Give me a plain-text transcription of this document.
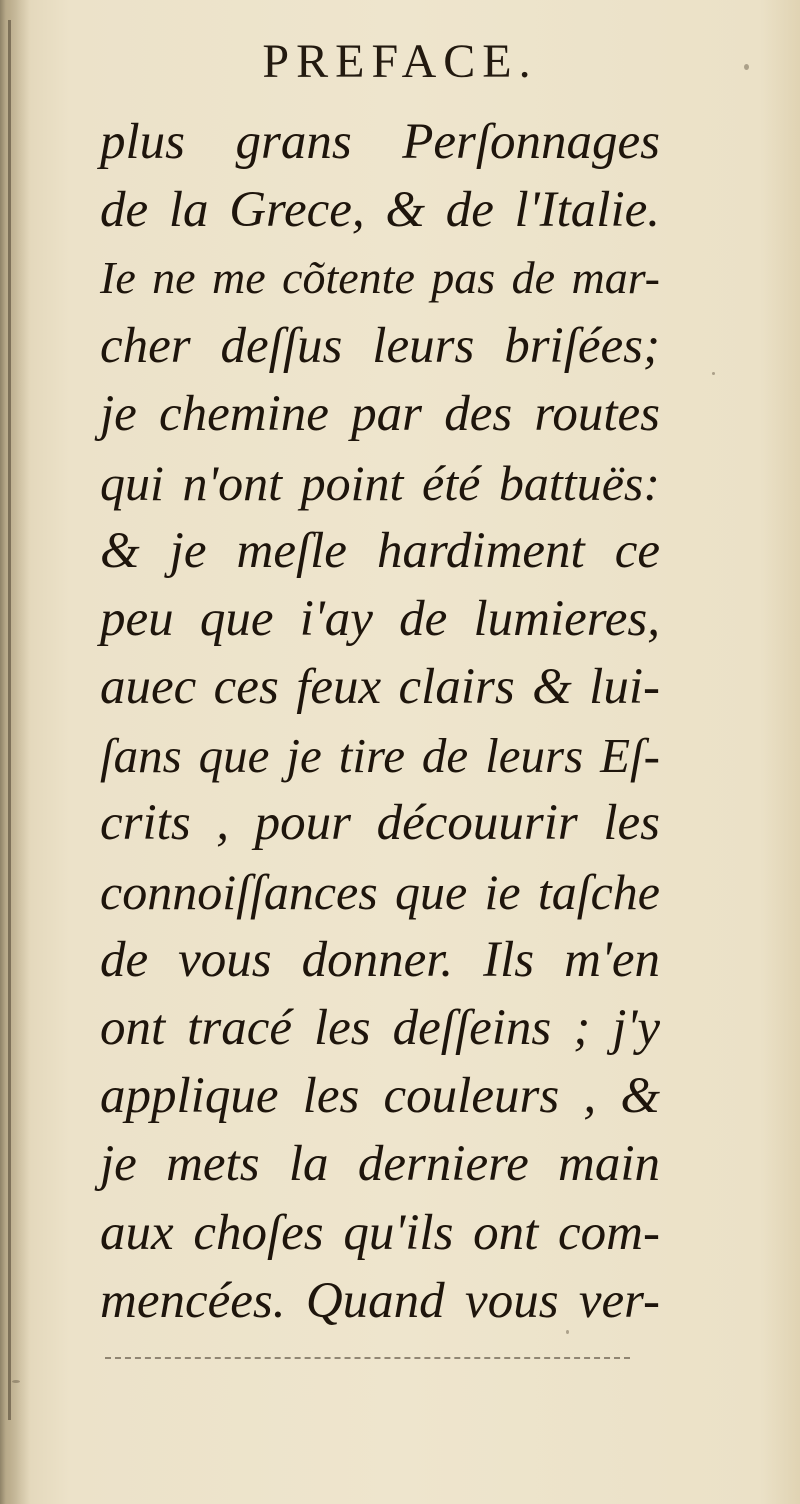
PREFACE.
plus grans Perſonnages
de la Grece, & de l'Italie.
Ie ne me cõtente pas de mar-
cher deſſus leurs briſées;
je chemine par des routes
qui n'ont point été battuës:
& je meſle hardiment ce
peu que i'ay de lumieres,
auec ces feux clairs & lui-
ſans que je tire de leurs Eſ-
crits , pour découurir les
connoiſſances que ie taſche
de vous donner. Ils m'en
ont tracé les deſſeins ; j'y
applique les couleurs , &
je mets la derniere main
aux choſes qu'ils ont com-
mencées. Quand vous ver-
